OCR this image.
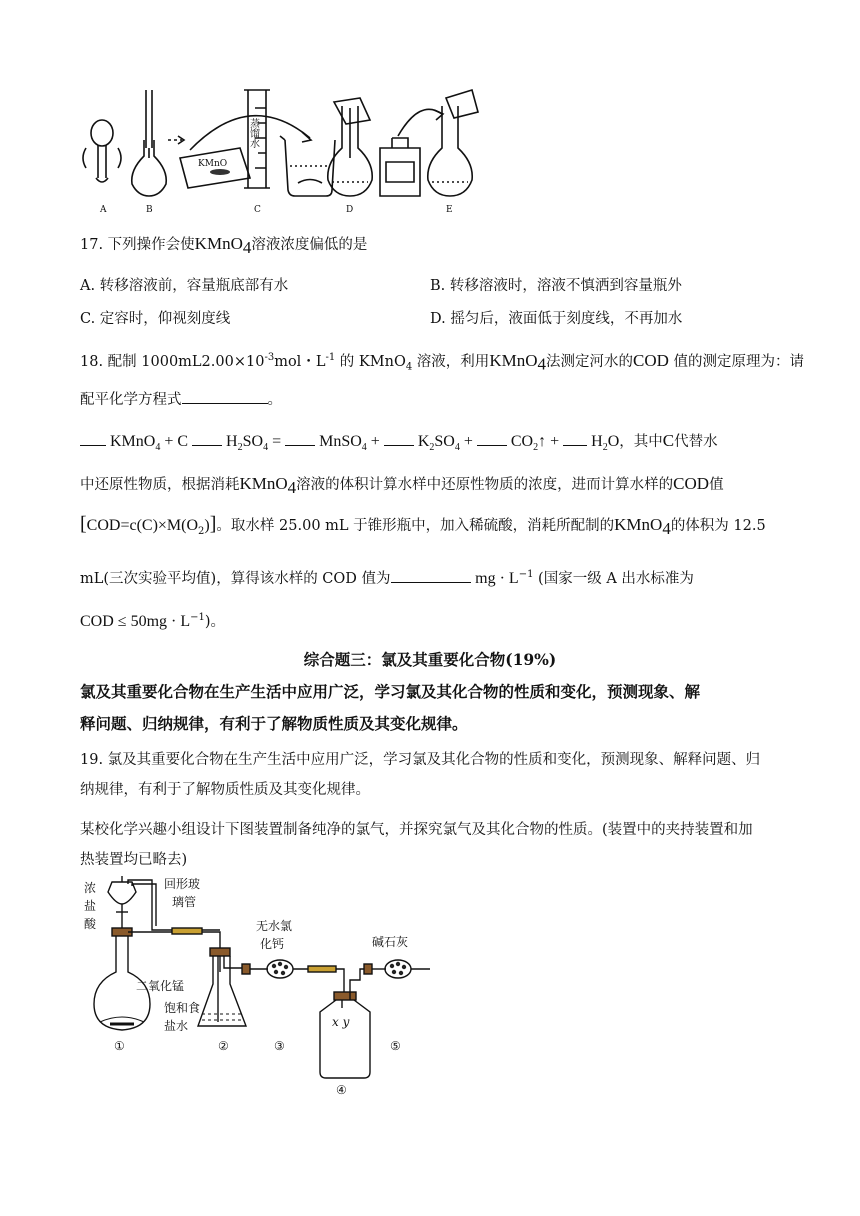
KMnO
蒸馏水
A	B	C	D	E
17. 下列操作会使KMnO$_4$溶液浓度偏低的是
A. 转移溶液前，容量瓶底部有水	B. 转移溶液时，溶液不慎洒到容量瓶外
C. 定容时，仰视刻度线	D. 摇匀后，液面低于刻度线，不再加水
18. 配制 $1000mL2.00\times 10^{-3}mol$・$L^{-1}$ 的 KMnO$_4$ 溶液，利用KMnO$_4$法测定河水的COD 值的测定原理为：请
配平化学方程式	。
KMnO$_4$ + C $H_2SO_4$ = MnSO$_4$ + $K_2SO_4$ + $CO_2↑ + H_2O$，其中C代替水
中还原性物质，根据消耗KMnO$_4$溶液的体积计算水样中还原性物质的浓度，进而计算水样的COD值
$[COD=c(C)\times M(O_2)]$。取水样 25.00 mL 于锥形瓶中，加入稀硫酸，消耗所配制的KMnO$_4$的体积为 12.5
mL(三次实验平均值)，算得该水样的 COD 值为	mg · $L^{-1}$ (国家一级 A 出水标准为
COD ≤ $50mg \cdot L^{-1}$)。
综合题三：氯及其重要化合物(19%)
氯及其重要化合物在生产生活中应用广泛，学习氯及其化合物的性质和变化，预测现象、解
释问题、归纳规律，有利于了解物质性质及其变化规律。
19. 氯及其重要化合物在生产生活中应用广泛，学习氯及其化合物的性质和变化，预测现象、解释问题、归
纳规律，有利于了解物质性质及其变化规律。
某校化学兴趣小组设计下图装置制备纯净的氯气，并探究氯气及其化合物的性质。(装置中的夹持装置和加
热装置均已略去)
浓
盐
酸
回形玻
璃管
无水氯
化钙	碱石灰
二氧化锰
饱和食
盐水	x y
①	②	③
④
⑤
